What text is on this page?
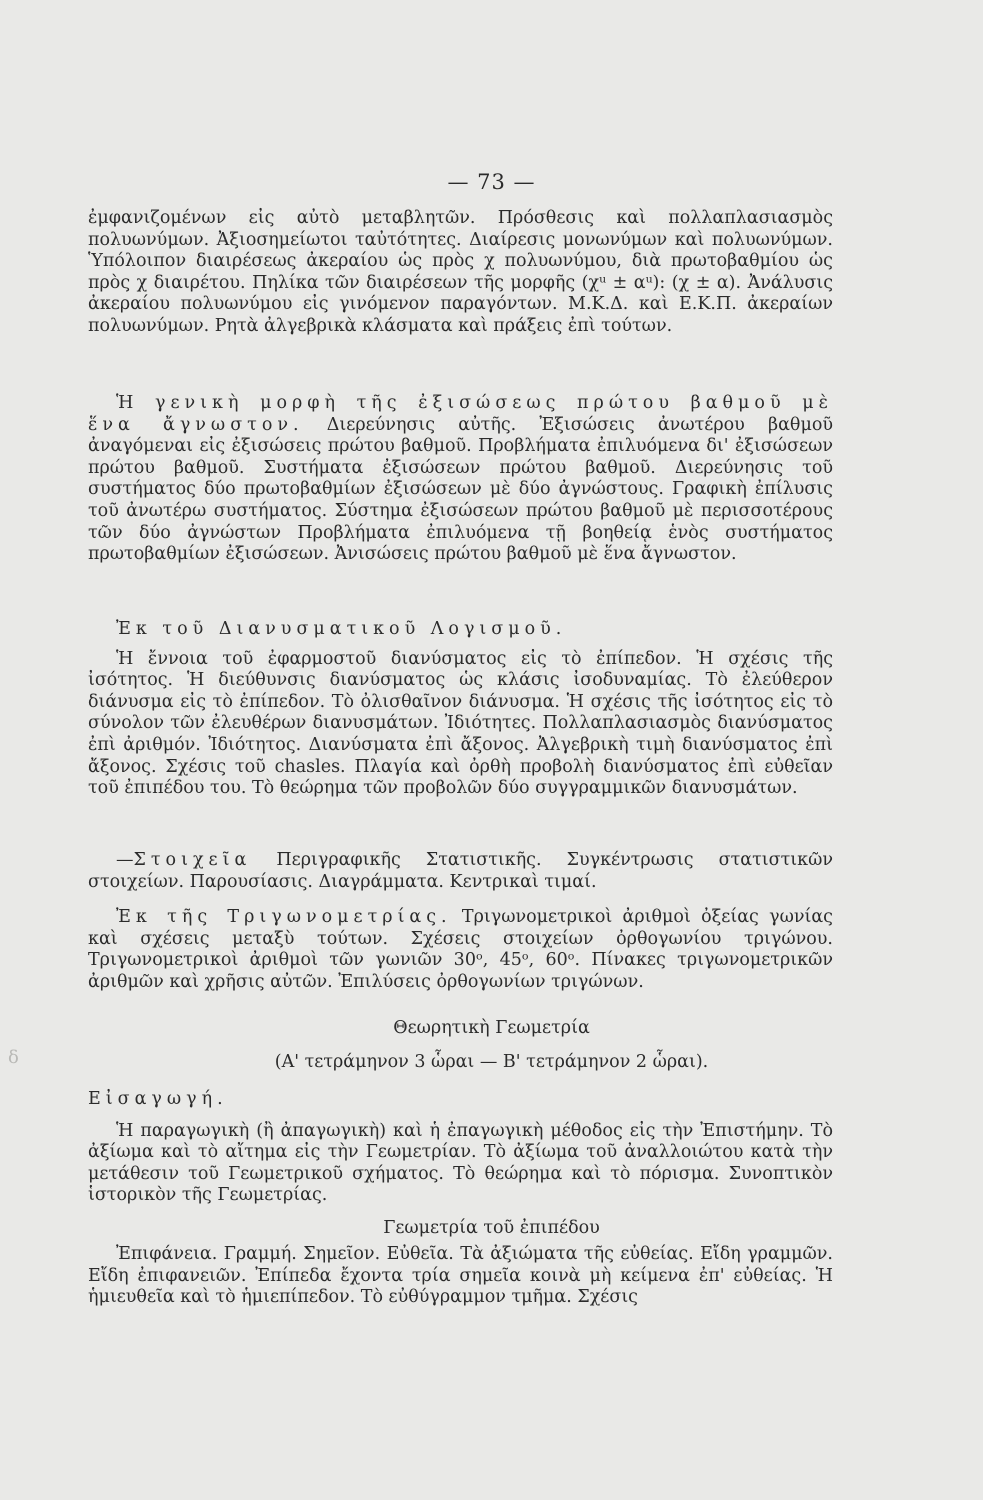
— 73 —

ἐμφανιζομένων εἰς αὐτὸ μεταβλητῶν. Πρόσθεσις καὶ πολλαπλασιασμὸς πολυωνύμων. Ἀξιοσημείωτοι ταὐτότητες. Διαίρεσις μονωνύμων καὶ πολυωνύμων. Ὑπόλοιπον διαιρέσεως ἀκεραίου ὡς πρὸς χ πολυωνύμου, διὰ πρωτοβαθμίου ὡς πρὸς χ διαιρέτου. Πηλίκα τῶν διαιρέσεων τῆς μορφῆς (χᵘ ± αᵘ): (χ ± α). Ἀνάλυσις ἀκεραίου πολυωνύμου εἰς γινόμενον παραγόντων. Μ.Κ.Δ. καὶ Ε.Κ.Π. ἀκεραίων πολυωνύμων. Ρητὰ ἀλγεβρικὰ κλάσματα καὶ πράξεις ἐπὶ τούτων.

Ἡ γενικὴ μορφὴ τῆς ἐξισώσεως πρώτου βαθμοῦ μὲ ἕνα ἄγνωστον. Διερεύνησις αὐτῆς. Ἐξισώσεις ἀνωτέρου βαθμοῦ ἀναγόμεναι εἰς ἐξισώσεις πρώτου βαθμοῦ. Προβλήματα ἐπιλυόμενα δι' ἐξισώσεων πρώτου βαθμοῦ. Συστήματα ἐξισώσεων πρώτου βαθμοῦ. Διερεύνησις τοῦ συστήματος δύο πρωτοβαθμίων ἐξισώσεων μὲ δύο ἀγνώστους. Γραφικὴ ἐπίλυσις τοῦ ἀνωτέρω συστήματος. Σύστημα ἐξισώσεων πρώτου βαθμοῦ μὲ περισσοτέρους τῶν δύο ἀγνώστων Προβλήματα ἐπιλυόμενα τῇ βοηθείᾳ ἑνὸς συστήματος πρωτοβαθμίων ἐξισώσεων. Ἀνισώσεις πρώτου βαθμοῦ μὲ ἕνα ἄγνωστον.

Ἐκ τοῦ Διανυσματικοῦ Λογισμοῦ.

Ἡ ἔννοια τοῦ ἐφαρμοστοῦ διανύσματος εἰς τὸ ἐπίπεδον. Ἡ σχέσις τῆς ἰσότητος. Ἡ διεύθυνσις διανύσματος ὡς κλάσις ἰσοδυναμίας. Τὸ ἐλεύθερον διάνυσμα εἰς τὸ ἐπίπεδον. Τὸ ὀλισθαῖνον διάνυσμα. Ἡ σχέσις τῆς ἰσότητος εἰς τὸ σύνολον τῶν ἐλευθέρων διανυσμάτων. Ἰδιότητες. Πολλαπλασιασμὸς διανύσματος ἐπὶ ἀριθμόν. Ἰδιότητος. Διανύσματα ἐπὶ ἄξονος. Ἀλγεβρικὴ τιμὴ διανύσματος ἐπὶ ἄξονος. Σχέσις τοῦ chasles. Πλαγία καὶ ὀρθὴ προβολὴ διανύσματος ἐπὶ εὐθεῖαν τοῦ ἐπιπέδου του. Τὸ θεώρημα τῶν προβολῶν δύο συγγραμμικῶν διανυσμάτων.

—Στοιχεῖα Περιγραφικῆς Στατιστικῆς. Συγκέντρωσις στατιστικῶν στοιχείων. Παρουσίασις. Διαγράμματα. Κεντρικαὶ τιμαί.

Ἐκ τῆς Τριγωνομετρίας. Τριγωνομετρικοὶ ἀριθμοὶ ὀξείας γωνίας καὶ σχέσεις μεταξὺ τούτων. Σχέσεις στοιχείων ὀρθογωνίου τριγώνου. Τριγωνομετρικοὶ ἀριθμοὶ τῶν γωνιῶν 30ᵒ, 45ᵒ, 60ᵒ. Πίνακες τριγωνομετρικῶν ἀριθμῶν καὶ χρῆσις αὐτῶν. Ἐπιλύσεις ὀρθογωνίων τριγώνων.

Θεωρητικὴ Γεωμετρία
(Α' τετράμηνον 3 ὧραι — Β' τετράμηνον 2 ὧραι).

Εἰσαγωγή.

Ἡ παραγωγικὴ (ἢ ἀπαγωγικὴ) καὶ ἡ ἐπαγωγικὴ μέθοδος εἰς τὴν Ἐπιστήμην. Τὸ ἀξίωμα καὶ τὸ αἴτημα εἰς τὴν Γεωμετρίαν. Τὸ ἀξίωμα τοῦ ἀναλλοιώτου κατὰ τὴν μετάθεσιν τοῦ Γεωμετρικοῦ σχήματος. Τὸ θεώρημα καὶ τὸ πόρισμα. Συνοπτικὸν ἱστορικὸν τῆς Γεωμετρίας.

Γεωμετρία τοῦ ἐπιπέδου

Ἐπιφάνεια. Γραμμή. Σημεῖον. Εὐθεῖα. Τὰ ἀξιώματα τῆς εὐθείας. Εἴδη γραμμῶν. Εἴδη ἐπιφανειῶν. Ἐπίπεδα ἔχοντα τρία σημεῖα κοινὰ μὴ κείμενα ἐπ' εὐθείας. Ἡ ἡμιευθεῖα καὶ τὸ ἡμιεπίπεδον. Τὸ εὐθύγραμμον τμῆμα. Σχέσις

δ
